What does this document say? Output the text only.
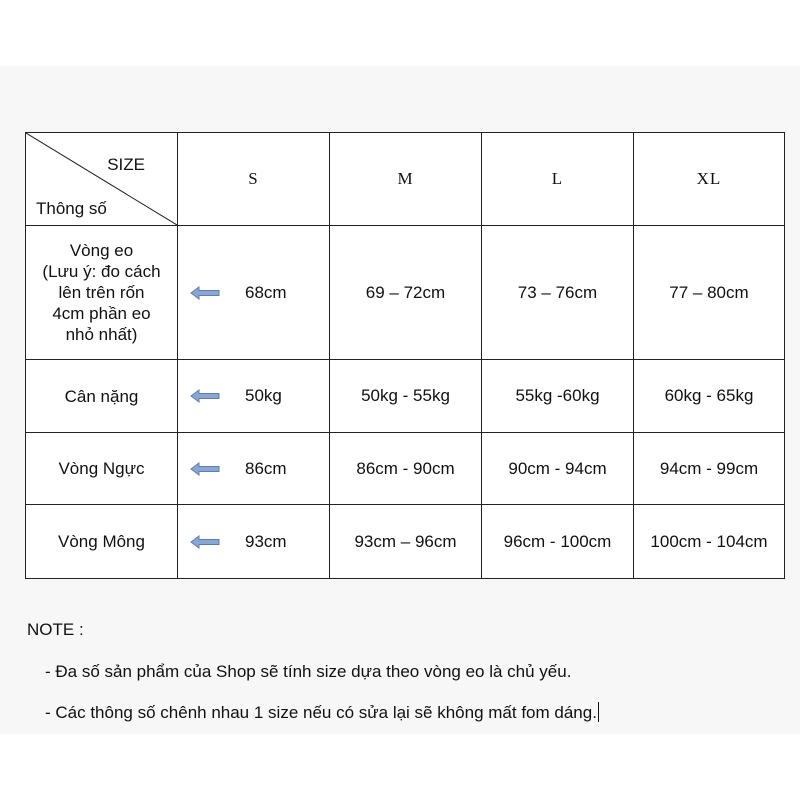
SIZE
Thông số	S	M	L	XL

Vòng eo
(Lưu ý: đo cách
lên trên rốn
4cm phần eo
nhỏ nhất)	68cm	69 – 72cm	73 – 76cm	77 – 80cm
Cân nặng	50kg	50kg - 55kg	55kg -60kg	60kg - 65kg
Vòng Ngực	86cm	86cm - 90cm	90cm - 94cm	94cm - 99cm
Vòng Mông	93cm	93cm – 96cm	96cm - 100cm	100cm - 104cm
NOTE :
- Đa số sản phẩm của Shop sẽ tính size dựa theo vòng eo là chủ yếu.
- Các thông số chênh nhau 1 size nếu có sửa lại sẽ không mất fom dáng.
